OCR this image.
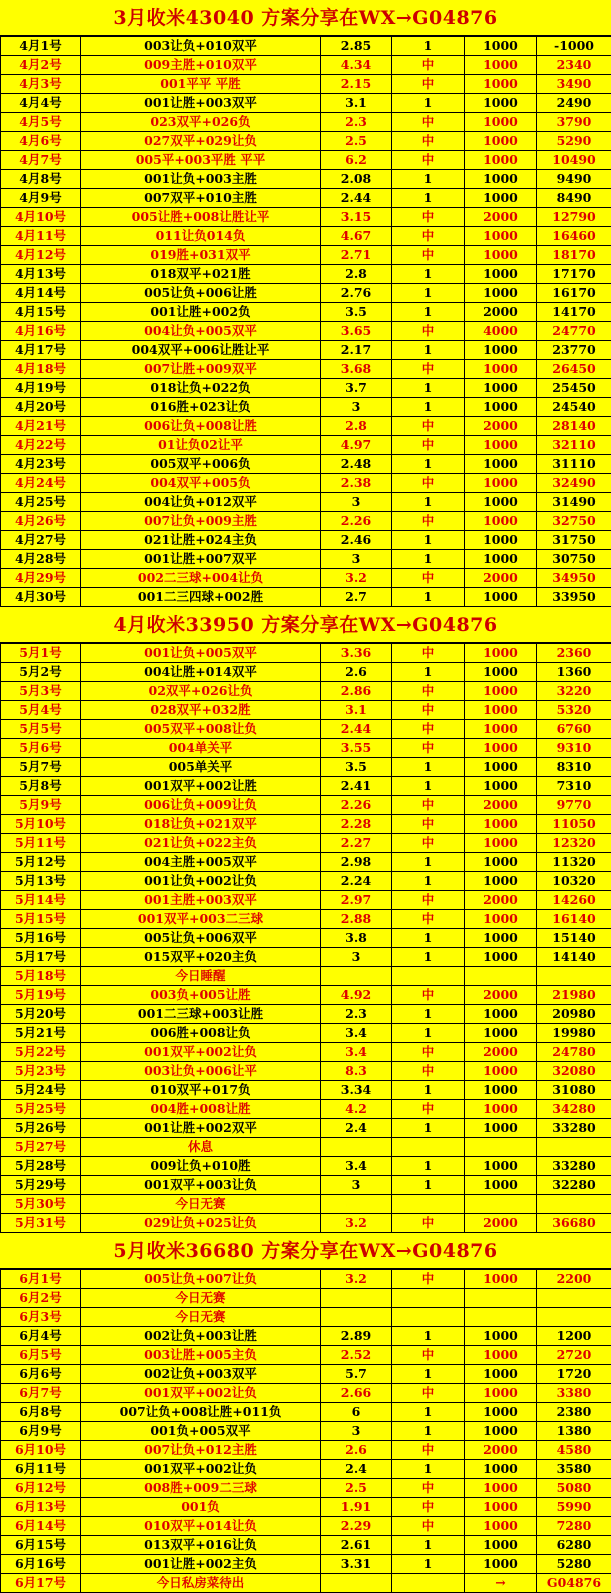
3月收米43040 方案分享在WX→G04876
4月1号	003让负+010双平	2.85	1	1000	-1000
4月2号	009主胜+010双平	4.34	中	1000	2340
4月3号	001平平 平胜	2.15	中	1000	3490
4月4号	001让胜+003双平	3.1	1	1000	2490
4月5号	023双平+026负	2.3	中	1000	3790
4月6号	027双平+029让负	2.5	中	1000	5290
4月7号	005平+003平胜 平平	6.2	中	1000	10490
4月8号	001让负+003主胜	2.08	1	1000	9490
4月9号	007双平+010主胜	2.44	1	1000	8490
4月10号	005让胜+008让胜让平	3.15	中	2000	12790
4月11号	011让负014负	4.67	中	1000	16460
4月12号	019胜+031双平	2.71	中	1000	18170
4月13号	018双平+021胜	2.8	1	1000	17170
4月14号	005让负+006让胜	2.76	1	1000	16170
4月15号	001让胜+002负	3.5	1	2000	14170
4月16号	004让负+005双平	3.65	中	4000	24770
4月17号	004双平+006让胜让平	2.17	1	1000	23770
4月18号	007让胜+009双平	3.68	中	1000	26450
4月19号	018让负+022负	3.7	1	1000	25450
4月20号	016胜+023让负	3	1	1000	24540
4月21号	006让负+008让胜	2.8	中	2000	28140
4月22号	01让负02让平	4.97	中	1000	32110
4月23号	005双平+006负	2.48	1	1000	31110
4月24号	004双平+005负	2.38	中	1000	32490
4月25号	004让负+012双平	3	1	1000	31490
4月26号	007让负+009主胜	2.26	中	1000	32750
4月27号	021让胜+024主负	2.46	1	1000	31750
4月28号	001让胜+007双平	3	1	1000	30750
4月29号	002二三球+004让负	3.2	中	2000	34950
4月30号	001二三四球+002胜	2.7	1	1000	33950
4月收米33950 方案分享在WX→G04876
5月1号	001让负+005双平	3.36	中	1000	2360
5月2号	004让胜+014双平	2.6	1	1000	1360
5月3号	02双平+026让负	2.86	中	1000	3220
5月4号	028双平+032胜	3.1	中	1000	5320
5月5号	005双平+008让负	2.44	中	1000	6760
5月6号	004单关平	3.55	中	1000	9310
5月7号	005单关平	3.5	1	1000	8310
5月8号	001双平+002让胜	2.41	1	1000	7310
5月9号	006让负+009让负	2.26	中	2000	9770
5月10号	018让负+021双平	2.28	中	1000	11050
5月11号	021让负+022主负	2.27	中	1000	12320
5月12号	004主胜+005双平	2.98	1	1000	11320
5月13号	001让负+002让负	2.24	1	1000	10320
5月14号	001主胜+003双平	2.97	中	2000	14260
5月15号	001双平+003二三球	2.88	中	1000	16140
5月16号	005让负+006双平	3.8	1	1000	15140
5月17号	015双平+020主负	3	1	1000	14140
5月18号	今日睡醒				
5月19号	003负+005让胜	4.92	中	2000	21980
5月20号	001二三球+003让胜	2.3	1	1000	20980
5月21号	006胜+008让负	3.4	1	1000	19980
5月22号	001双平+002让负	3.4	中	2000	24780
5月23号	003让负+006让平	8.3	中	1000	32080
5月24号	010双平+017负	3.34	1	1000	31080
5月25号	004胜+008让胜	4.2	中	1000	34280
5月26号	001让胜+002双平	2.4	1	1000	33280
5月27号	休息				
5月28号	009让负+010胜	3.4	1	1000	33280
5月29号	001双平+003让负	3	1	1000	32280
5月30号	今日无赛				
5月31号	029让负+025让负	3.2	中	2000	36680
5月收米36680 方案分享在WX→G04876
6月1号	005让负+007让负	3.2	中	1000	2200
6月2号	今日无赛				
6月3号	今日无赛				
6月4号	002让负+003让胜	2.89	1	1000	1200
6月5号	003让胜+005主负	2.52	中	1000	2720
6月6号	002让负+003双平	5.7	1	1000	1720
6月7号	001双平+002让负	2.66	中	1000	3380
6月8号	007让负+008让胜+011负	6	1	1000	2380
6月9号	001负+005双平	3	1	1000	1380
6月10号	007让负+012主胜	2.6	中	2000	4580
6月11号	001双平+002让负	2.4	1	1000	3580
6月12号	008胜+009二三球	2.5	中	1000	5080
6月13号	001负	1.91	中	1000	5990
6月14号	010双平+014让负	2.29	中	1000	7280
6月15号	013双平+016让负	2.61	1	1000	6280
6月16号	001让胜+002主负	3.31	1	1000	5280
6月17号	今日私房菜待出			→	G04876
